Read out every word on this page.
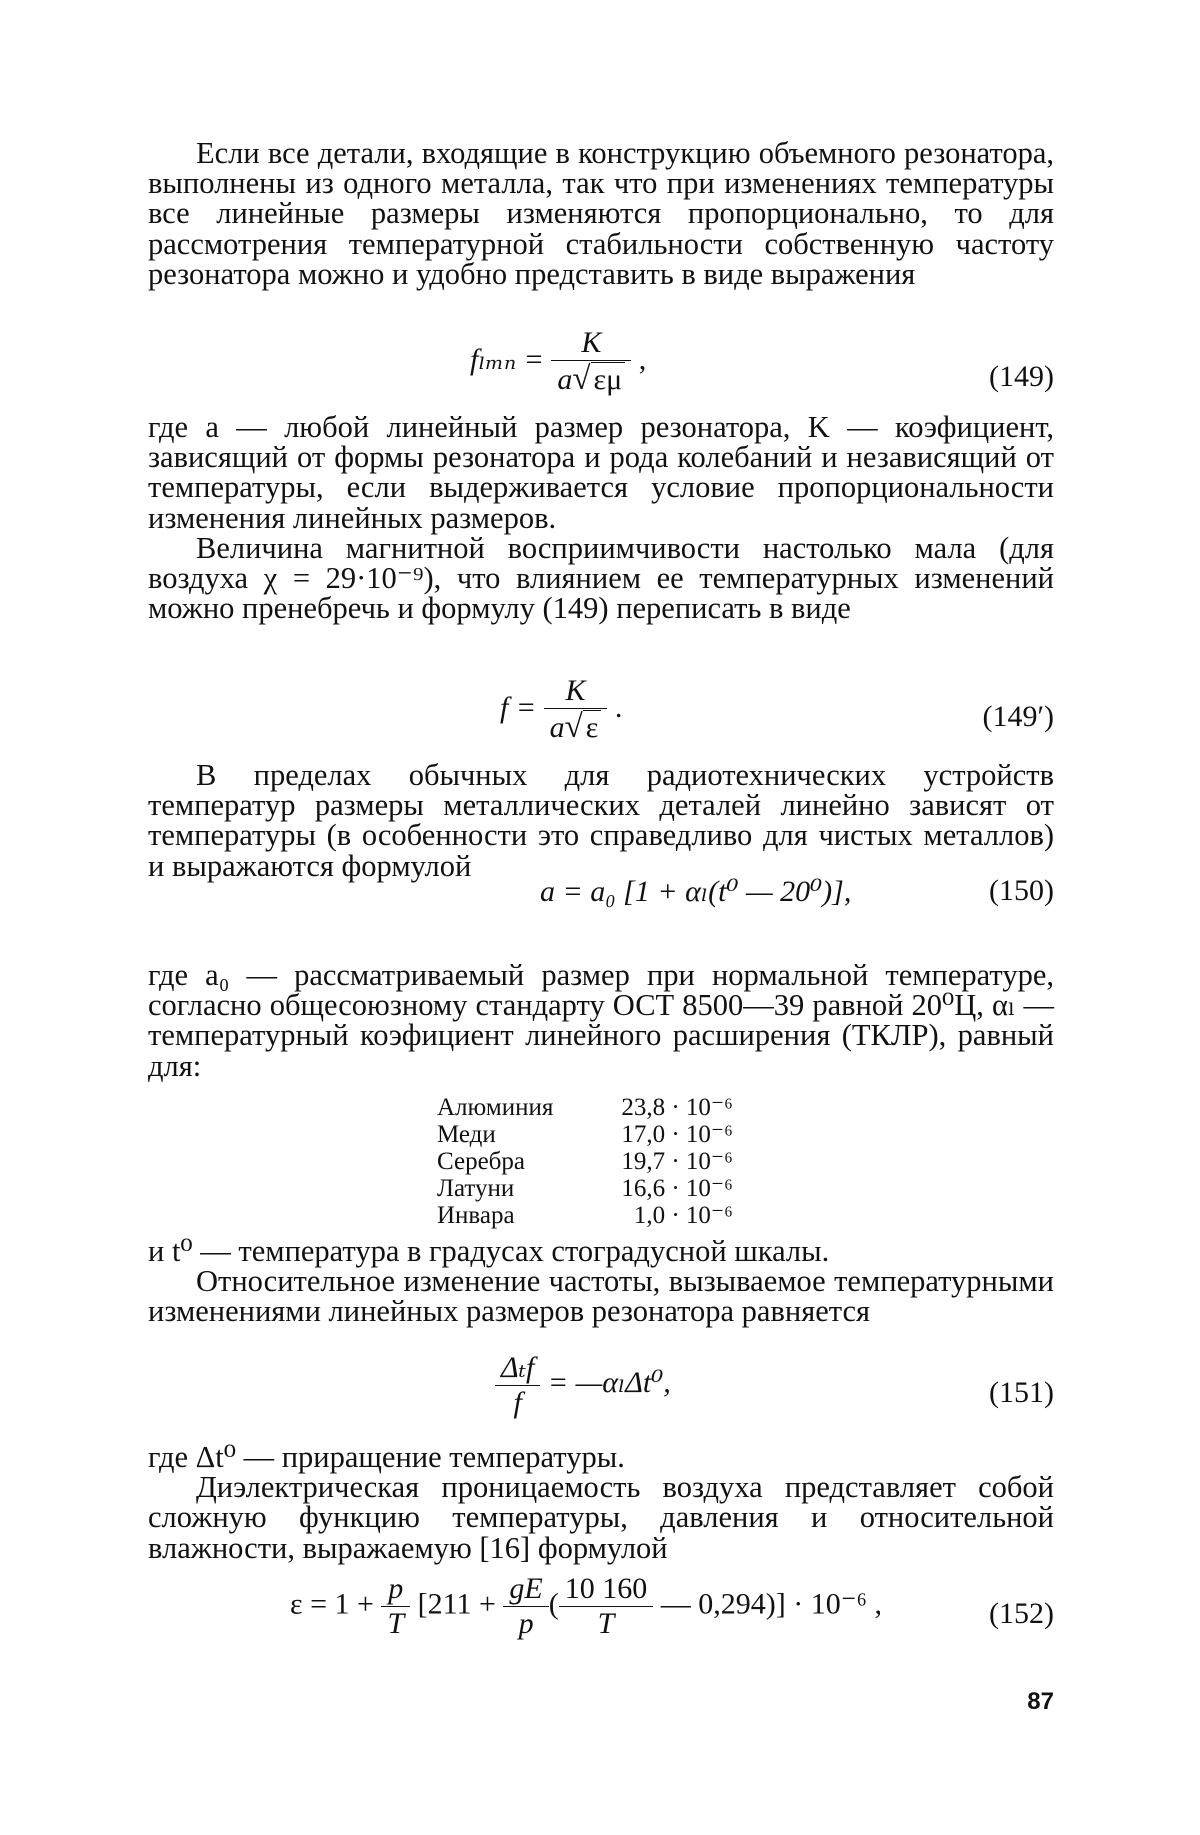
Если все детали, входящие в конструкцию объемного резонатора, выполнены из одного металла, так что при изменениях температуры все линейные размеры изменяются пропорционально, то для рассмотрения температурной стабильности собственную частоту резонатора можно и удобно представить в виде выражения

$f_{lmn} = \frac{K}{a√ \varepsilon\mu}$ ,
(149)

где a — любой линейный размер резонатора, K — коэфициент, зависящий от формы резонатора и рода колебаний и независящий от температуры, если выдерживается условие пропорциональности изменения линейных размеров.

Величина магнитной восприимчивости настолько мала (для воздуха χ = 29·10⁻⁹), что влиянием ее температурных изменений можно пренебречь и формулу (149) переписать в виде

$f = \frac{K}{a√ \varepsilon}$ .	(149′)

В пределах обычных для радиотехнических устройств температур размеры металлических деталей линейно зависят от температуры (в особенности это справедливо для чистых металлов) и выражаются формулой

a = a₀ [1 + αₗ(t⁰ — 20⁰)],	(150)

где a₀ — рассматриваемый размер при нормальной температуре, согласно общесоюзному стандарту ОСТ 8500—39 равной 20⁰Ц, αₗ — температурный коэфициент линейного расширения (ТКЛР), равный для:

Алюминия	23,8 · 10⁻⁶
Меди	17,0 · 10⁻⁶
Серебра	19,7 · 10⁻⁶
Латуни	16,6 · 10⁻⁶
Инвара	1,0 · 10⁻⁶

и t⁰ — температура в градусах стоградусной шкалы.

Относительное изменение частоты, вызываемое температурными изменениями линейных размеров резонатора равняется

$\frac{\text{Δₜf}}{f}$ = —αₗΔt⁰,	(151)

где Δt⁰ — приращение температуры.

Диэлектрическая проницаемость воздуха представляет собой сложную функцию температуры, давления и относительной влажности, выражаемую [16] формулой

$\varepsilon = 1 + \frac{p}{T} [211 + \frac{gE}{p}$ ( $\frac{10 160}{T}$ — 0,294)] · 10⁻⁶ ,	(152)
87
